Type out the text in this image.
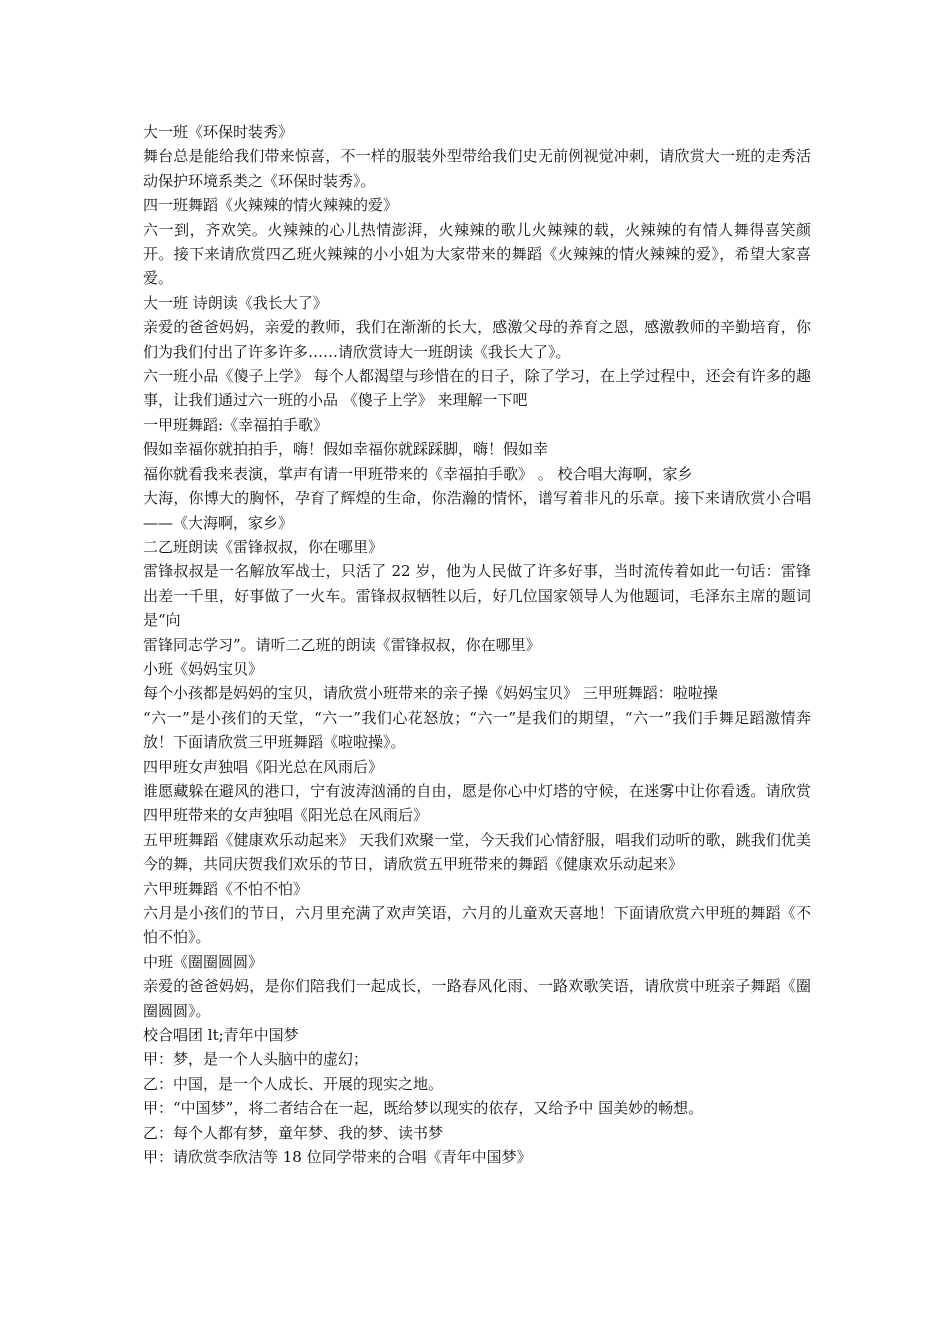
大一班《环保时装秀》

舞台总是能给我们带来惊喜，不一样的服装外型带给我们史无前例视觉冲刺，请欣赏大一班的走秀活动保护环境系类之《环保时装秀》。

四一班舞蹈《火辣辣的情火辣辣的爱》

六一到，齐欢笑。火辣辣的心儿热情澎湃，火辣辣的歌儿火辣辣的载，火辣辣的有情人舞得喜笑颜开。接下来请欣赏四乙班火辣辣的小小姐为大家带来的舞蹈《火辣辣的情火辣辣的爱》，希望大家喜爱。

大一班 诗朗读《我长大了》

亲爱的爸爸妈妈，亲爱的教师，我们在渐渐的长大，感激父母的养育之恩，感激教师的辛勤培育，你们为我们付出了许多许多……请欣赏诗大一班朗读《我长大了》。

六一班小品《傻子上学》 每个人都渴望与珍惜在的日子，除了学习，在上学过程中，还会有许多的趣事，让我们通过六一班的小品 《傻子上学》 来理解一下吧

一甲班舞蹈:《幸福拍手歌》

假如幸福你就拍拍手，嗨！假如幸福你就踩踩脚，嗨！假如幸

福你就看我来表演，掌声有请一甲班带来的《幸福拍手歌》 。 校合唱大海啊，家乡

大海，你博大的胸怀，孕育了辉煌的生命，你浩瀚的情怀，谱写着非凡的乐章。接下来请欣赏小合唱——《大海啊，家乡》

二乙班朗读《雷锋叔叔，你在哪里》

雷锋叔叔是一名解放军战士，只活了 22 岁，他为人民做了许多好事，当时流传着如此一句话：雷锋出差一千里，好事做了一火车。雷锋叔叔牺牲以后，好几位国家领导人为他题词，毛泽东主席的题词是“向

雷锋同志学习”。请听二乙班的朗读《雷锋叔叔，你在哪里》

小班《妈妈宝贝》

每个小孩都是妈妈的宝贝，请欣赏小班带来的亲子操《妈妈宝贝》 三甲班舞蹈：啦啦操

“六一”是小孩们的天堂，“六一”我们心花怒放；“六一”是我们的期望，“六一”我们手舞足蹈激情奔放！下面请欣赏三甲班舞蹈《啦啦操》。

四甲班女声独唱《阳光总在风雨后》

谁愿藏躲在避风的港口，宁有波涛汹涌的自由，愿是你心中灯塔的守候，在迷雾中让你看透。请欣赏四甲班带来的女声独唱《阳光总在风雨后》

五甲班舞蹈《健康欢乐动起来》 天我们欢聚一堂，今天我们心情舒服，唱我们动听的歌，跳我们优美今的舞，共同庆贺我们欢乐的节日，请欣赏五甲班带来的舞蹈《健康欢乐动起来》

六甲班舞蹈《不怕不怕》

六月是小孩们的节日，六月里充满了欢声笑语，六月的儿童欢天喜地！下面请欣赏六甲班的舞蹈《不怕不怕》。

中班《圈圈圆圆》

亲爱的爸爸妈妈，是你们陪我们一起成长，一路春风化雨、一路欢歌笑语，请欣赏中班亲子舞蹈《圈圈圆圆》。

校合唱团 lt;青年中国梦

甲：梦，是一个人头脑中的虚幻；

乙：中国，是一个人成长、开展的现实之地。

甲：“中国梦”，将二者结合在一起，既给梦以现实的依存，又给予中 国美妙的畅想。

乙：每个人都有梦，童年梦、我的梦、读书梦

甲：请欣赏李欣洁等 18 位同学带来的合唱《青年中国梦》
